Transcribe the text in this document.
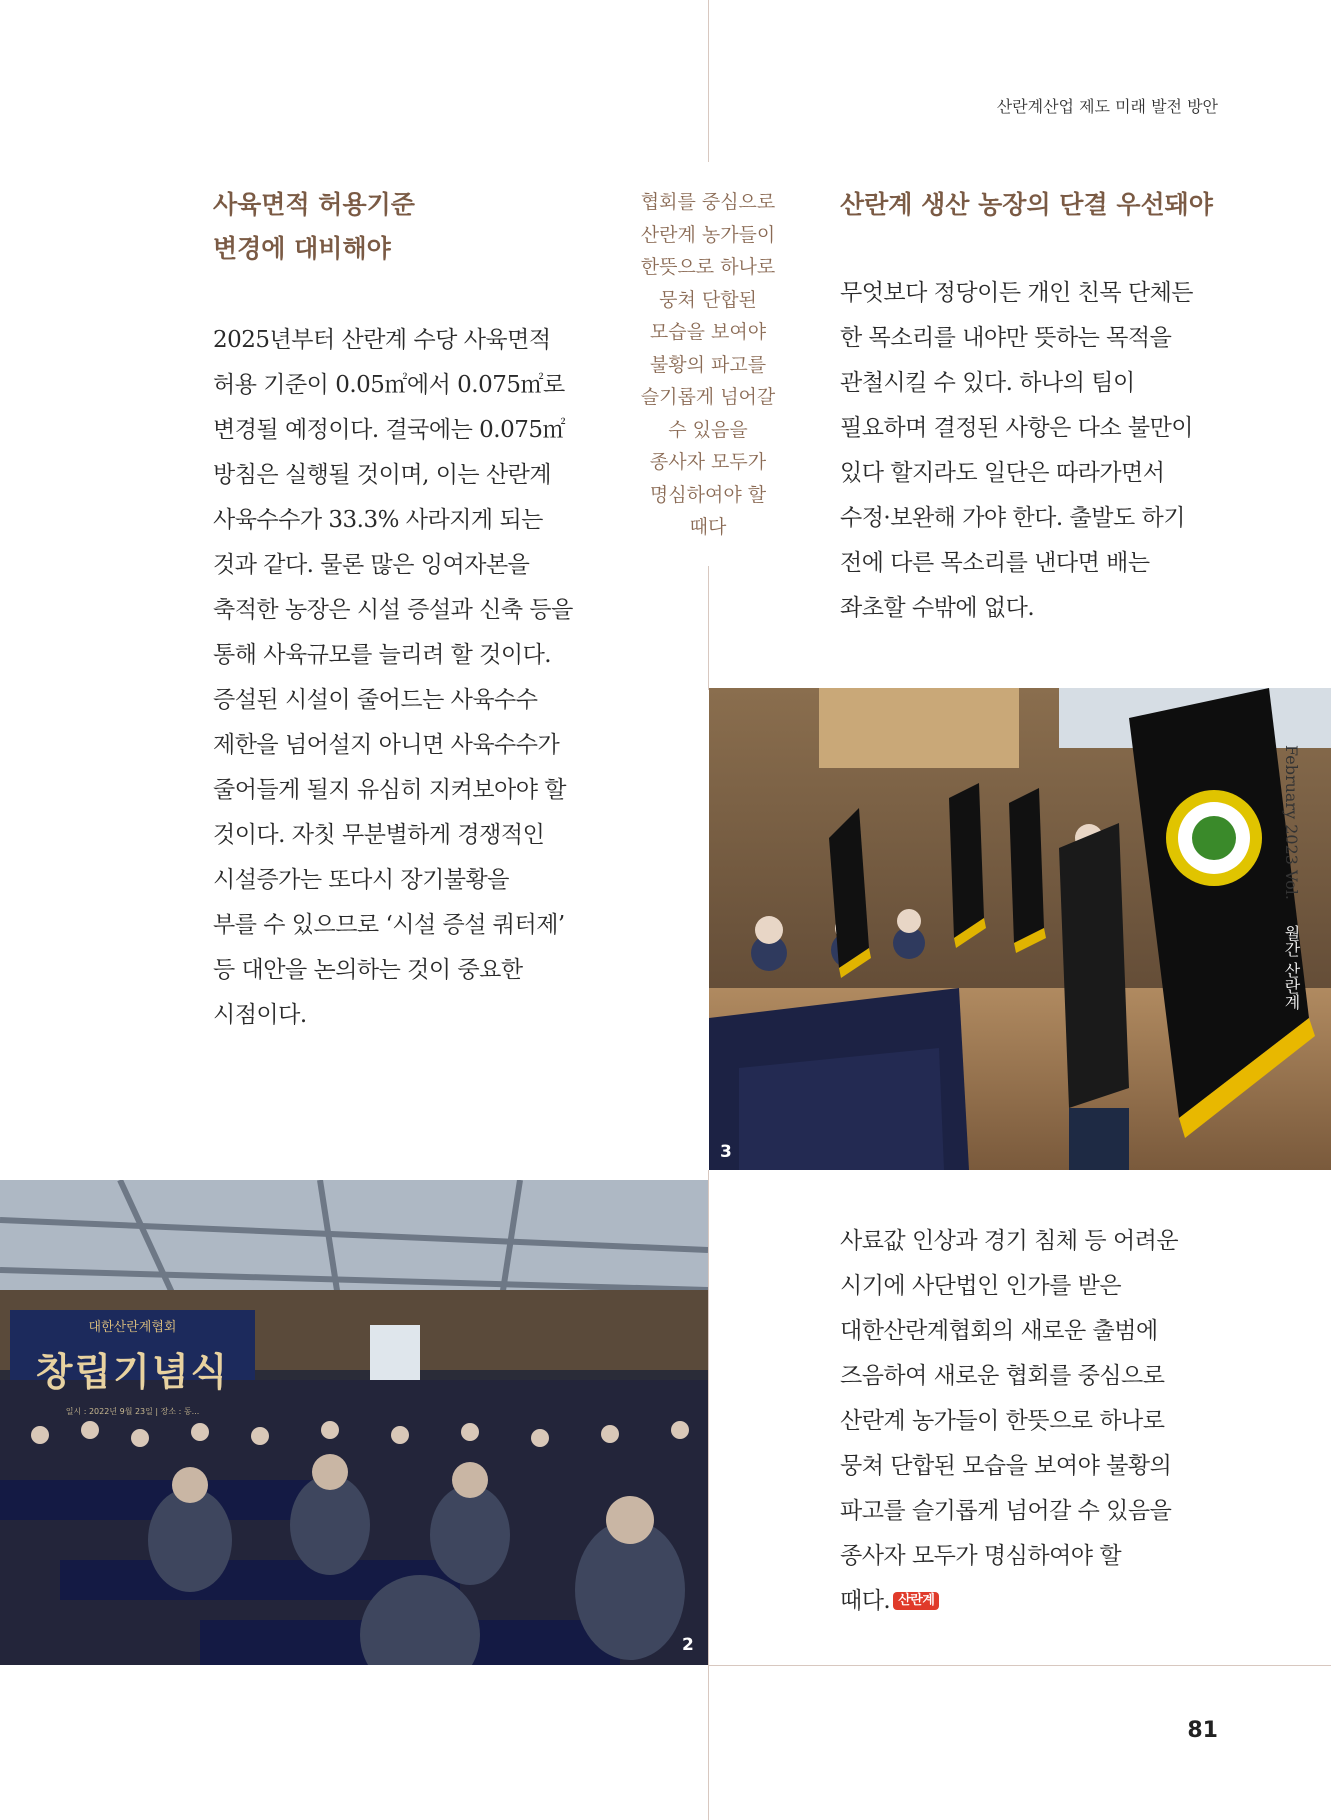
산란계산업 제도 미래 발전 방안
사육면적 허용기준
변경에 대비해야

2025년부터 산란계 수당 사육면적
허용 기준이 0.05㎡에서 0.075㎡로
변경될 예정이다. 결국에는 0.075㎡
방침은 실행될 것이며, 이는 산란계
사육수수가 33.3% 사라지게 되는
것과 같다. 물론 많은 잉여자본을
축적한 농장은 시설 증설과 신축 등을
통해 사육규모를 늘리려 할 것이다.
증설된 시설이 줄어드는 사육수수
제한을 넘어설지 아니면 사육수수가
줄어들게 될지 유심히 지켜보아야 할
것이다. 자칫 무분별하게 경쟁적인
시설증가는 또다시 장기불황을
부를 수 있으므로 ‘시설 증설 쿼터제’
등 대안을 논의하는 것이 중요한
시점이다.

협회를 중심으로
산란계 농가들이
한뜻으로 하나로
뭉쳐 단합된
모습을 보여야
불황의 파고를
슬기롭게 넘어갈
수 있음을
종사자 모두가
명심하여야 할
때다

산란계 생산 농장의 단결 우선돼야

무엇보다 정당이든 개인 친목 단체든
한 목소리를 내야만 뜻하는 목적을
관철시킬 수 있다. 하나의 팀이
필요하며 결정된 사항은 다소 불만이
있다 할지라도 일단은 따라가면서
수정·보완해 가야 한다. 출발도 하기
전에 다른 목소리를 낸다면 배는
좌초할 수밖에 없다.

3
February 2023 Vol. 월간 산란계
대한산란계협회
창립기념식
일시 : 2022년 9월 23일 | 장소 : 동...
2

사료값 인상과 경기 침체 등 어려운
시기에 사단법인 인가를 받은
대한산란계협회의 새로운 출범에
즈음하여 새로운 협회를 중심으로
산란계 농가들이 한뜻으로 하나로
뭉쳐 단합된 모습을 보여야 불황의
파고를 슬기롭게 넘어갈 수 있음을
종사자 모두가 명심하여야 할
때다. 산란계

81
